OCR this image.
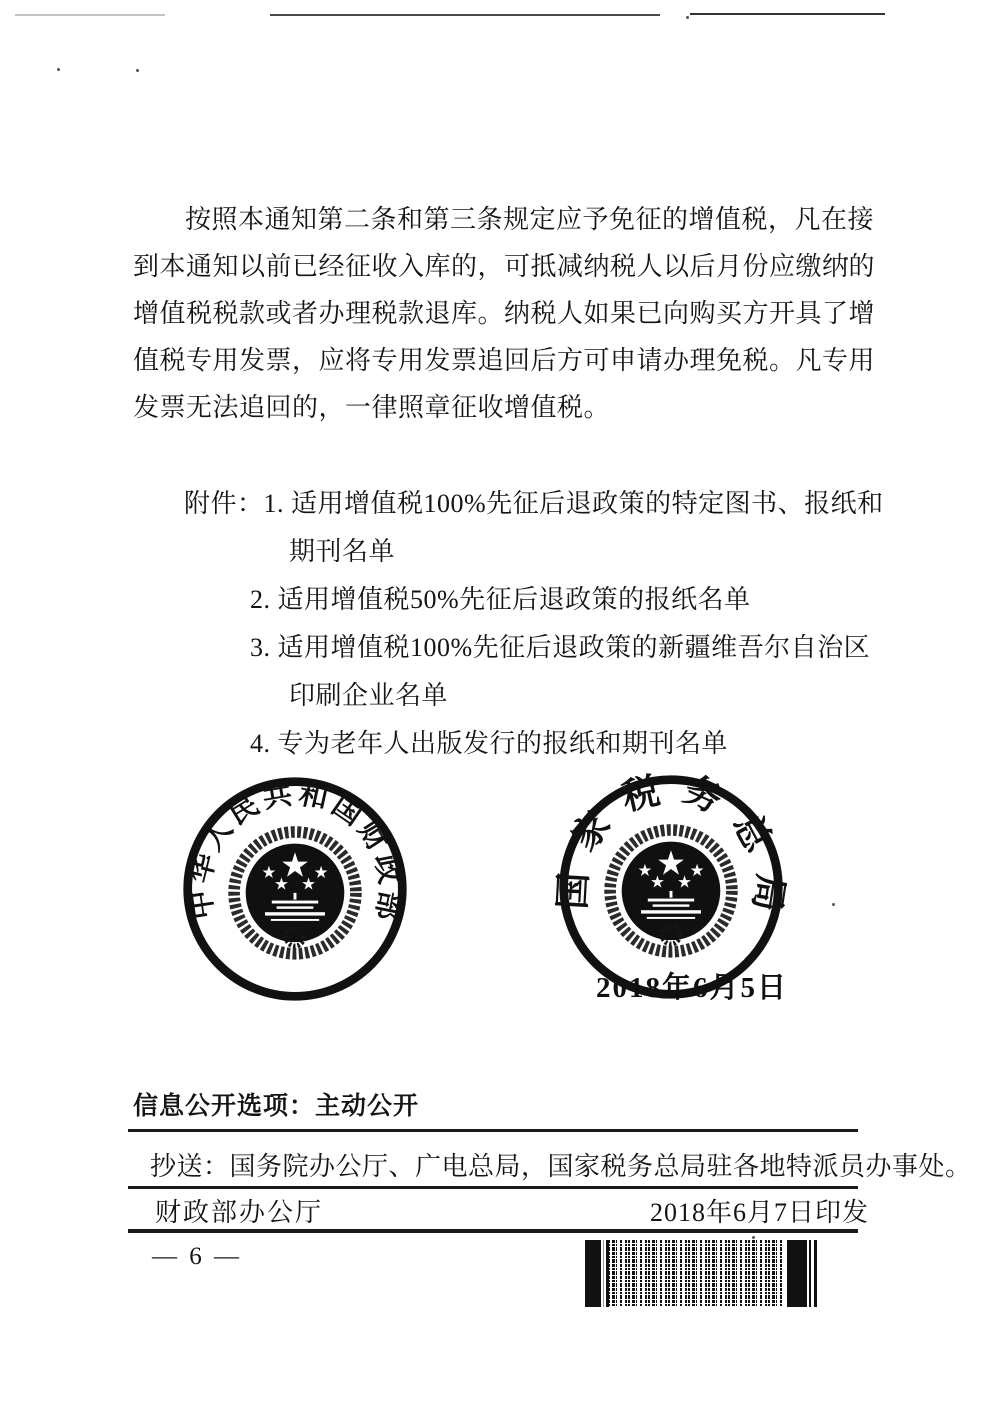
按照本通知第二条和第三条规定应予免征的增值税，凡在接
到本通知以前已经征收入库的，可抵减纳税人以后月份应缴纳的
增值税税款或者办理税款退库。纳税人如果已向购买方开具了增
值税专用发票，应将专用发票追回后方可申请办理免税。凡专用
发票无法追回的，一律照章征收增值税。
附件：1. 适用增值税100%先征后退政策的特定图书、报纸和
期刊名单
2. 适用增值税50%先征后退政策的报纸名单
3. 适用增值税100%先征后退政策的新疆维吾尔自治区
印刷企业名单
4. 专为老年人出版发行的报纸和期刊名单
中华人民共和国财政部	国家税务总局
2018年6月5日
信息公开选项：主动公开
抄送：国务院办公厅、广电总局，国家税务总局驻各地特派员办事处。
财政部办公厅	2018年6月7日印发
— 6 —
